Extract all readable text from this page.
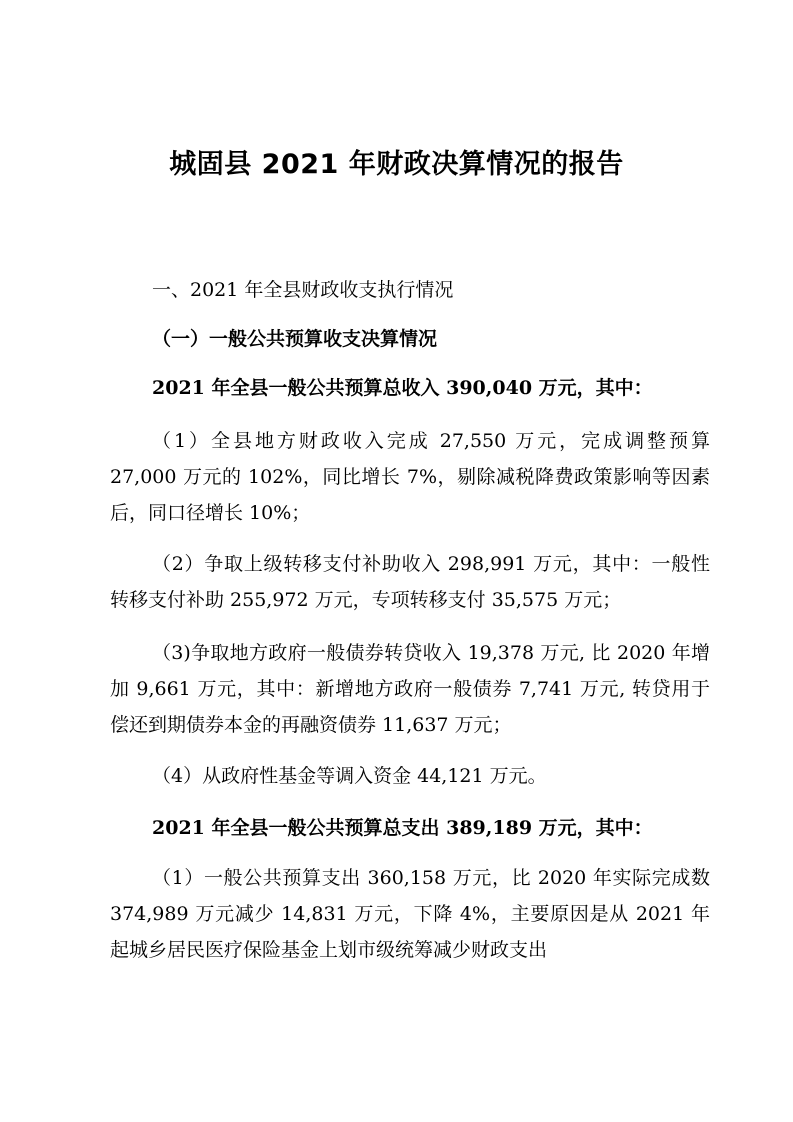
城固县 2021 年财政决算情况的报告
一、2021 年全县财政收支执行情况
（一）一般公共预算收支决算情况
2021 年全县一般公共预算总收入 390,040 万元，其中：
（1）全县地方财政收入完成 27,550 万元，完成调整预算 27,000 万元的 102%，同比增长 7%，剔除减税降费政策影响等因素后，同口径增长 10%；
（2）争取上级转移支付补助收入 298,991 万元，其中：一般性转移支付补助 255,972 万元，专项转移支付 35,575 万元；
（3)争取地方政府一般债券转贷收入 19,378 万元, 比 2020 年增加 9,661 万元，其中：新增地方政府一般债券 7,741 万元, 转贷用于偿还到期债券本金的再融资债券 11,637 万元；
（4）从政府性基金等调入资金 44,121 万元。
2021 年全县一般公共预算总支出 389,189 万元，其中：
（1）一般公共预算支出 360,158 万元，比 2020 年实际完成数 374,989 万元减少 14,831 万元，下降 4%，主要原因是从 2021 年起城乡居民医疗保险基金上划市级统筹减少财政支出
